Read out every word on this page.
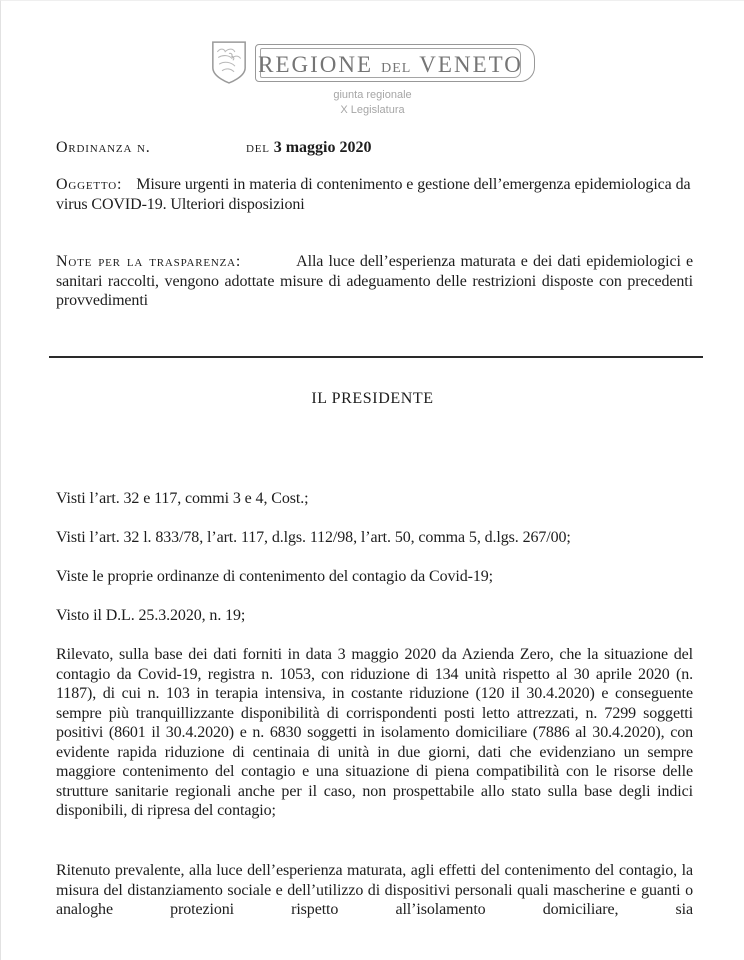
REGIONE DEL VENETO
giunta regionale
X Legislatura
Ordinanza n.	del 3 maggio 2020

Oggetto: Misure urgenti in materia di contenimento e gestione dell’emergenza epidemiologica da virus COVID-19. Ulteriori disposizioni

Note per la trasparenza:	Alla luce dell’esperienza maturata e dei dati epidemiologici e sanitari raccolti, vengono adottate misure di adeguamento delle restrizioni disposte con precedenti provvedimenti

IL PRESIDENTE

Visti l’art. 32 e 117, commi 3 e 4, Cost.;

Visti l’art. 32 l. 833/78, l’art. 117, d.lgs. 112/98, l’art. 50, comma 5, d.lgs. 267/00;

Viste le proprie ordinanze di contenimento del contagio da Covid-19;

Visto il D.L. 25.3.2020, n. 19;

Rilevato, sulla base dei dati forniti in data 3 maggio 2020 da Azienda Zero, che la situazione del contagio da Covid-19, registra n. 1053, con riduzione di 134 unità rispetto al 30 aprile 2020 (n. 1187), di cui n. 103 in terapia intensiva, in costante riduzione (120 il 30.4.2020) e conseguente sempre più tranquillizzante disponibilità di corrispondenti posti letto attrezzati, n. 7299 soggetti positivi (8601 il 30.4.2020) e n. 6830 soggetti in isolamento domiciliare (7886 al 30.4.2020), con evidente rapida riduzione di centinaia di unità in due giorni, dati che evidenziano un sempre maggiore contenimento del contagio e una situazione di piena compatibilità con le risorse delle strutture sanitarie regionali anche per il caso, non prospettabile allo stato sulla base degli indici disponibili, di ripresa del contagio;

Ritenuto prevalente, alla luce dell’esperienza maturata, agli effetti del contenimento del contagio, la misura del distanziamento sociale e dell’utilizzo di dispositivi personali quali mascherine e guanti o analoghe protezioni rispetto all’isolamento domiciliare, sia
